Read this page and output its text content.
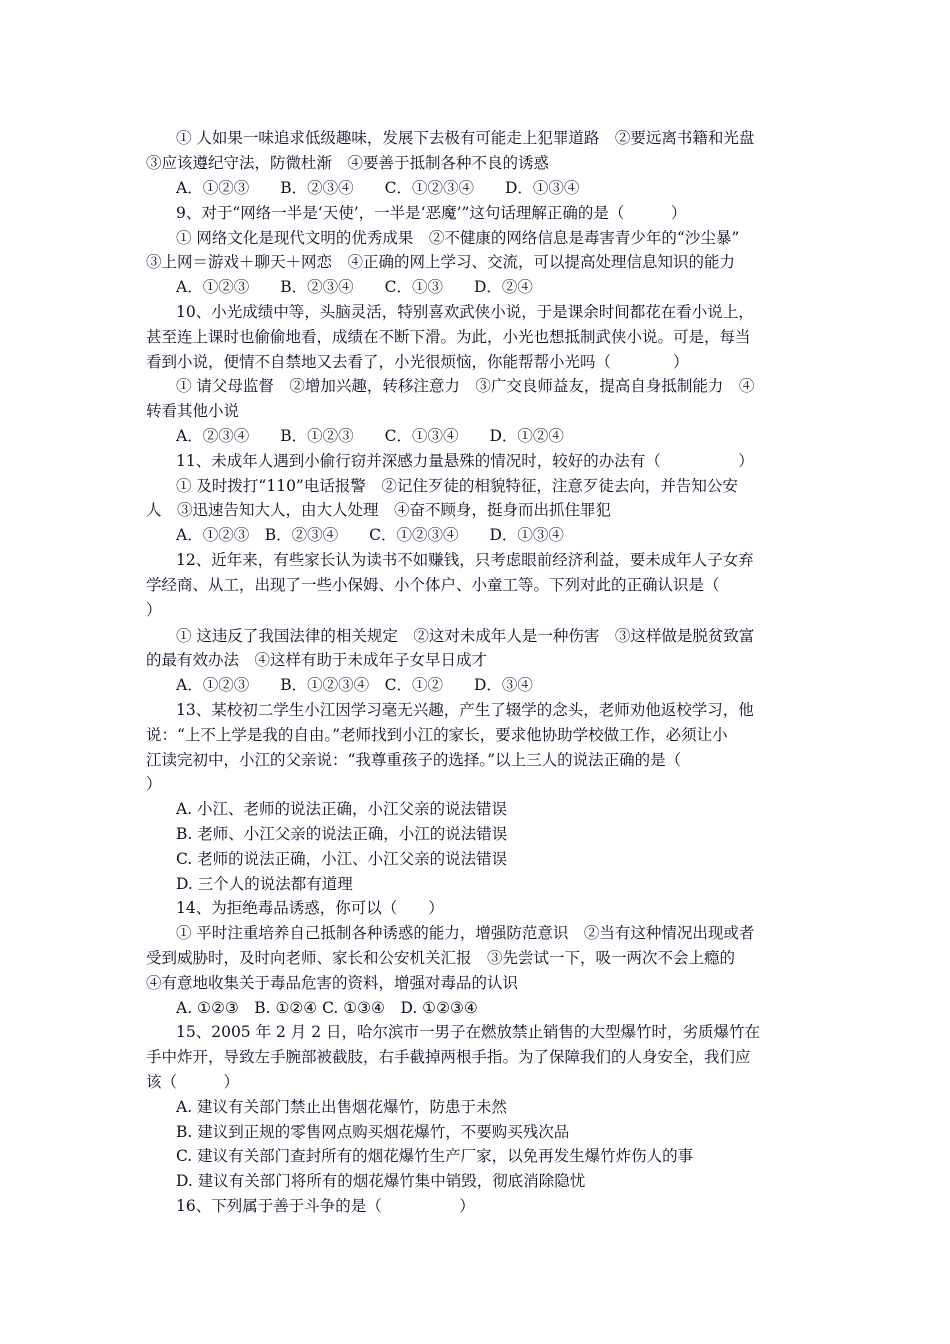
① 人如果一味追求低级趣味，发展下去极有可能走上犯罪道路　②要远离书籍和光盘

③应该遵纪守法，防微杜渐　④要善于抵制各种不良的诱惑

A．①②③　　B．②③④　　C．①②③④　　D．①③④

9、对于“网络一半是‘天使’，一半是‘恶魔’”这句话理解正确的是（　　　）

① 网络文化是现代文明的优秀成果　②不健康的网络信息是毒害青少年的“沙尘暴”

③上网＝游戏＋聊天＋网恋　④正确的网上学习、交流，可以提高处理信息知识的能力

A．①②③　　B．②③④　　C．①③　　D．②④

10、小光成绩中等，头脑灵活，特别喜欢武侠小说，于是课余时间都花在看小说上，

甚至连上课时也偷偷地看，成绩在不断下滑。为此，小光也想抵制武侠小说。可是，每当

看到小说，便情不自禁地又去看了，小光很烦恼，你能帮帮小光吗（　　　　）

① 请父母监督　②增加兴趣，转移注意力　③广交良师益友，提高自身抵制能力　④

转看其他小说

A．②③④　　B．①②③　　C．①③④　　D．①②④

11、未成年人遇到小偷行窃并深感力量悬殊的情况时，较好的办法有（　　　　　）

① 及时拨打“110”电话报警　②记住歹徒的相貌特征，注意歹徒去向，并告知公安

人　③迅速告知大人，由大人处理　④奋不顾身，挺身而出抓住罪犯

A．①②③　B．②③④　　C．①②③④　　D．①③④

12、近年来，有些家长认为读书不如赚钱，只考虑眼前经济利益，要未成年人子女弃

学经商、从工，出现了一些小保姆、小个体户、小童工等。下列对此的正确认识是（

）

① 这违反了我国法律的相关规定　②这对未成年人是一种伤害　③这样做是脱贫致富

的最有效办法　④这样有助于未成年子女早日成才

A．①②③　　B．①②③④　C．①②　　D．③④

13、某校初二学生小江因学习毫无兴趣，产生了辍学的念头，老师劝他返校学习，他

说：“上不上学是我的自由。”老师找到小江的家长，要求他协助学校做工作，必须让小

江读完初中，小江的父亲说：“我尊重孩子的选择。”以上三人的说法正确的是（

）

A. 小江、老师的说法正确，小江父亲的说法错误

B. 老师、小江父亲的说法正确，小江的说法错误

C. 老师的说法正确，小江、小江父亲的说法错误

D. 三个人的说法都有道理

14、为拒绝毒品诱惑，你可以（　　）

① 平时注重培养自己抵制各种诱惑的能力，增强防范意识　②当有这种情况出现或者

受到威胁时，及时向老师、家长和公安机关汇报　③先尝试一下，吸一两次不会上瘾的

④有意地收集关于毒品危害的资料，增强对毒品的认识

A. ①②③　B. ①②④ C. ①③④　D. ①②③④

15、2005 年 2 月 2 日，哈尔滨市一男子在燃放禁止销售的大型爆竹时，劣质爆竹在

手中炸开，导致左手腕部被截肢，右手截掉两根手指。为了保障我们的人身安全，我们应

该（　　　）

A. 建议有关部门禁止出售烟花爆竹，防患于未然

B. 建议到正规的零售网点购买烟花爆竹，不要购买残次品

C. 建议有关部门查封所有的烟花爆竹生产厂家，以免再发生爆竹炸伤人的事

D. 建议有关部门将所有的烟花爆竹集中销毁，彻底消除隐忧

16、下列属于善于斗争的是（　　　　　）
